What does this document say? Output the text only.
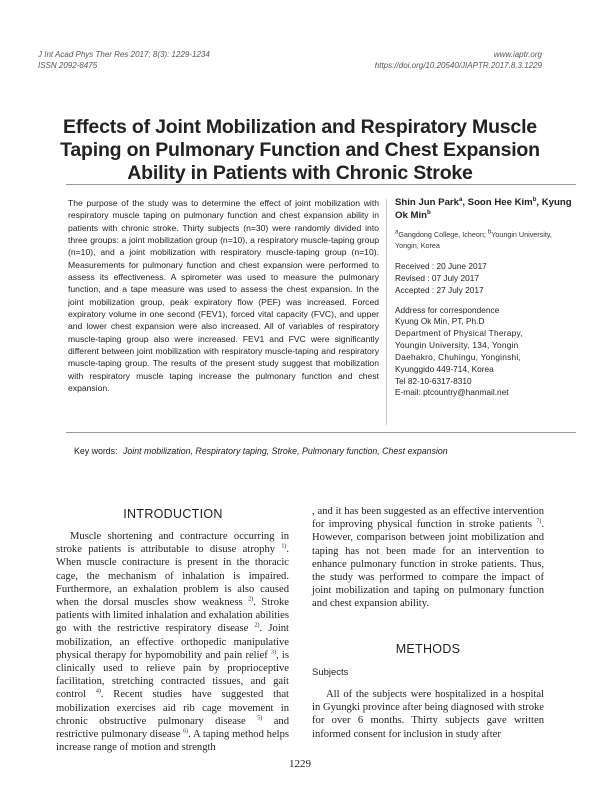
J Int Acad Phys Ther Res 2017; 8(3): 1229-1234
ISSN 2092-8475
www.iaptr.org
https://doi.org/10.20540/JIAPTR.2017.8.3.1229
Effects of Joint Mobilization and Respiratory Muscle Taping on Pulmonary Function and Chest Expansion Ability in Patients with Chronic Stroke

The purpose of the study was to determine the effect of joint mobilization with respiratory muscle taping on pulmonary function and chest expansion ability in patients with chronic stroke. Thirty subjects (n=30) were randomly divided into three groups: a joint mobilization group (n=10), a respiratory muscle-taping group (n=10), and a joint mobilization with respiratory muscle-taping group (n=10). Measurements for pulmonary function and chest expansion were performed to assess its effectiveness. A spirometer was used to measure the pulmonary function, and a tape measure was used to assess the chest expansion. In the joint mobilization group, peak expiratory flow (PEF) was increased. Forced expiratory volume in one second (FEV1), forced vital capacity (FVC), and upper and lower chest expansion were also increased. All of variables of respiratory muscle-taping group also were increased. FEV1 and FVC were significantly different between joint mobilization with respiratory muscle-taping and respiratory muscle-taping group. The results of the present study suggest that mobilization with respiratory muscle taping increase the pulmonary function and chest expansion.

Shin Jun Park$^a$, Soon Hee Kim$^b$, Kyung Ok Min$^b$
$^a$Gangdong College, Icheon; $^b$Youngin University, Yongin, Korea
Received : 20 June 2017
Revised : 07 July 2017
Accepted : 27 July 2017
Address for correspondence
Kyung Ok Min, PT, Ph.D
Department of Physical Therapy,
Youngin University, 134, Yongin
Daehakro, Chuhingu, Yonginshi,
Kyunggido 449-714, Korea
Tel 82-10-6317-8310
E-mail: ptcountry@hanmail.net
Key words: Joint mobilization, Respiratory taping, Stroke, Pulmonary function, Chest expansion
INTRODUCTION

Muscle shortening and contracture occurring in stroke patients is attributable to disuse atrophy $^{1)}$. When muscle contracture is present in the thoracic cage, the mechanism of inhalation is impaired. Furthermore, an exhalation problem is also caused when the dorsal muscles show weakness $^{2)}$. Stroke patients with limited inhalation and exhalation abilities go with the restrictive respiratory disease $^{2)}$. Joint mobilization, an effective orthopedic manipulative physical therapy for hypomobility and pain relief $^{3)}$, is clinically used to relieve pain by proprioceptive facilitation, stretching contracted tissues, and gait control $^{4)}$. Recent studies have suggested that mobilization exercises aid rib cage movement in chronic obstructive pulmonary disease $^{5)}$ and restrictive pulmonary disease $^{6)}$. A taping method helps increase range of motion and strength

, and it has been suggested as an effective intervention for improving physical function in stroke patients $^{7)}$. However, comparison between joint mobilization and taping has not been made for an intervention to enhance pulmonary function in stroke patients. Thus, the study was performed to compare the impact of joint mobilization and taping on pulmonary function and chest expansion ability.

METHODS
Subjects

All of the subjects were hospitalized in a hospital in Gyungki province after being diagnosed with stroke for over 6 months. Thirty subjects gave written informed consent for inclusion in study after

1229
